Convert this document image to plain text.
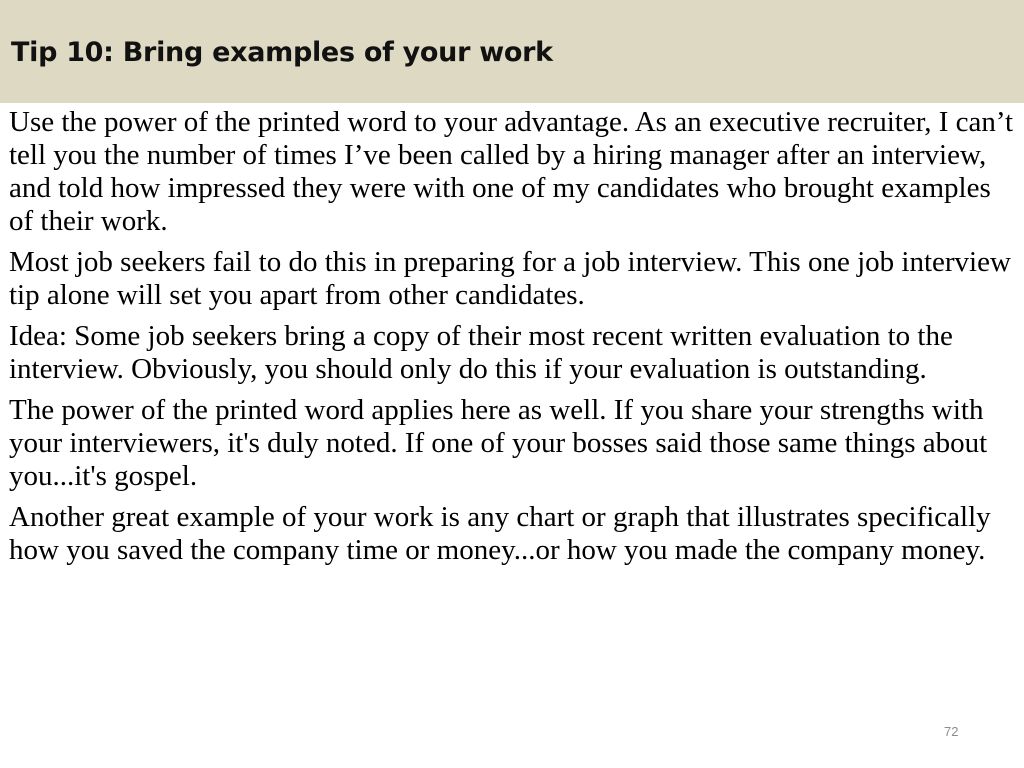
Tip 10: Bring examples of your work

Use the power of the printed word to your advantage. As an executive recruiter, I can’t tell you the number of times I’ve been called by a hiring manager after an interview, and told how impressed they were with one of my candidates who brought examples of their work.

Most job seekers fail to do this in preparing for a job interview. This one job interview tip alone will set you apart from other candidates.

Idea: Some job seekers bring a copy of their most recent written evaluation to the interview. Obviously, you should only do this if your evaluation is outstanding.

The power of the printed word applies here as well. If you share your strengths with your interviewers, it's duly noted. If one of your bosses said those same things about you...it's gospel.

Another great example of your work is any chart or graph that illustrates specifically how you saved the company time or money...or how you made the company money.

72
